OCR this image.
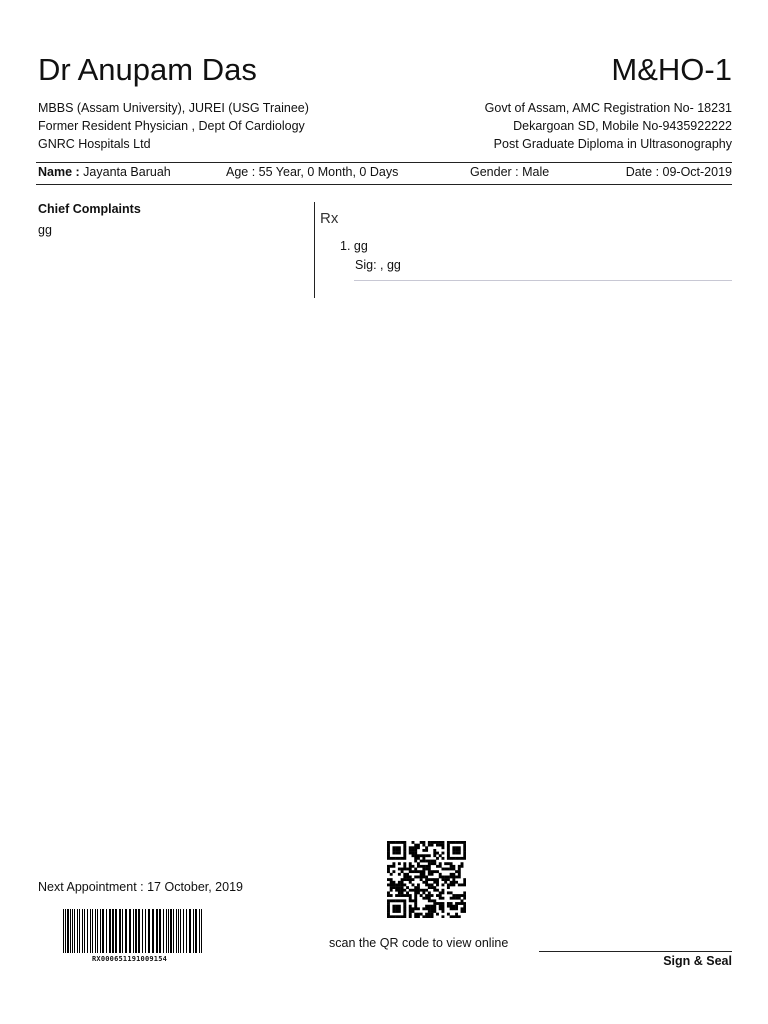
Dr Anupam Das	M&HO-1
MBBS (Assam University), JUREI (USG Trainee)
Former Resident Physician , Dept Of Cardiology
GNRC Hospitals Ltd
Govt of Assam, AMC Registration No- 18231
Dekargoan SD, Mobile No-9435922222
Post Graduate Diploma in Ultrasonography
Name : Jayanta Baruah	Age : 55 Year, 0 Month, 0 Days	Gender : Male	Date : 09-Oct-2019
Chief Complaints
gg
Rx
1. gg
Sig: , gg
Next Appointment : 17 October, 2019
scan the QR code to view online
RX000651191009154	Sign & Seal
